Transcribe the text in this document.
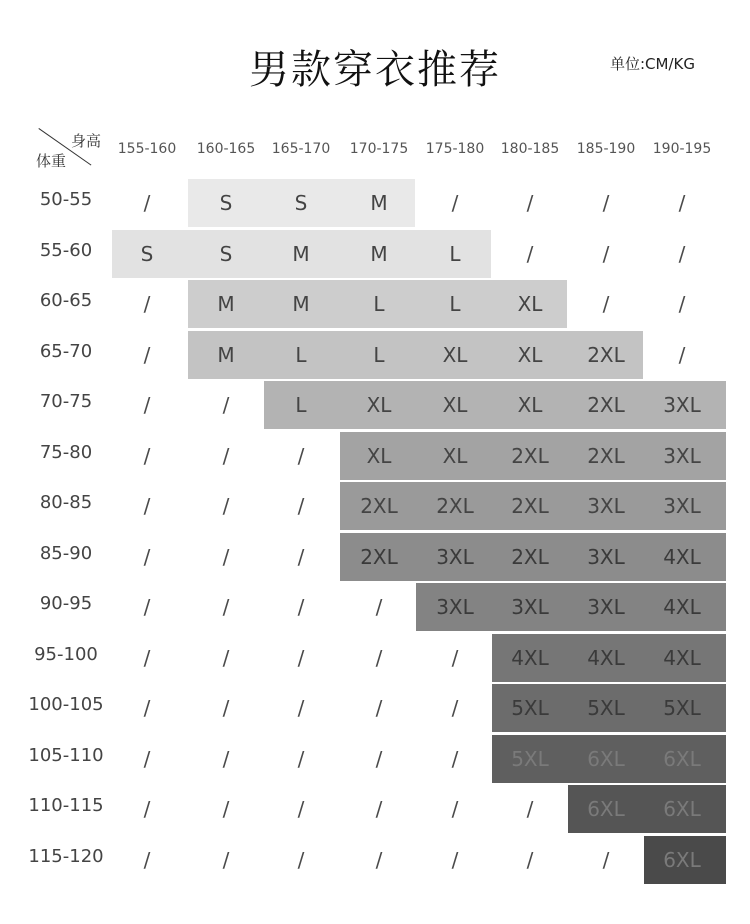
男款穿衣推荐	单位:CM/KG
身高
体重
155-160	160-165	165-170	170-175	175-180	180-185	185-190	190-195
50-55	/	S	S	M	/	/	/	/
55-60	S	S	M	M	L	/	/	/
60-65	/	M	M	L	L	XL	/	/
65-70	/	M	L	L	XL	XL	2XL	/
70-75	/	/	L	XL	XL	XL	2XL	3XL
75-80	/	/	/	XL	XL	2XL	2XL	3XL
80-85	/	/	/	2XL	2XL	2XL	3XL	3XL
85-90	/	/	/	2XL	3XL	2XL	3XL	4XL
90-95	/	/	/	/	3XL	3XL	3XL	4XL
95-100	/	/	/	/	/	4XL	4XL	4XL
100-105	/	/	/	/	/	5XL	5XL	5XL
105-110	/	/	/	/	/	5XL	6XL	6XL
110-115	/	/	/	/	/	/	6XL	6XL
115-120	/	/	/	/	/	/	/	6XL
